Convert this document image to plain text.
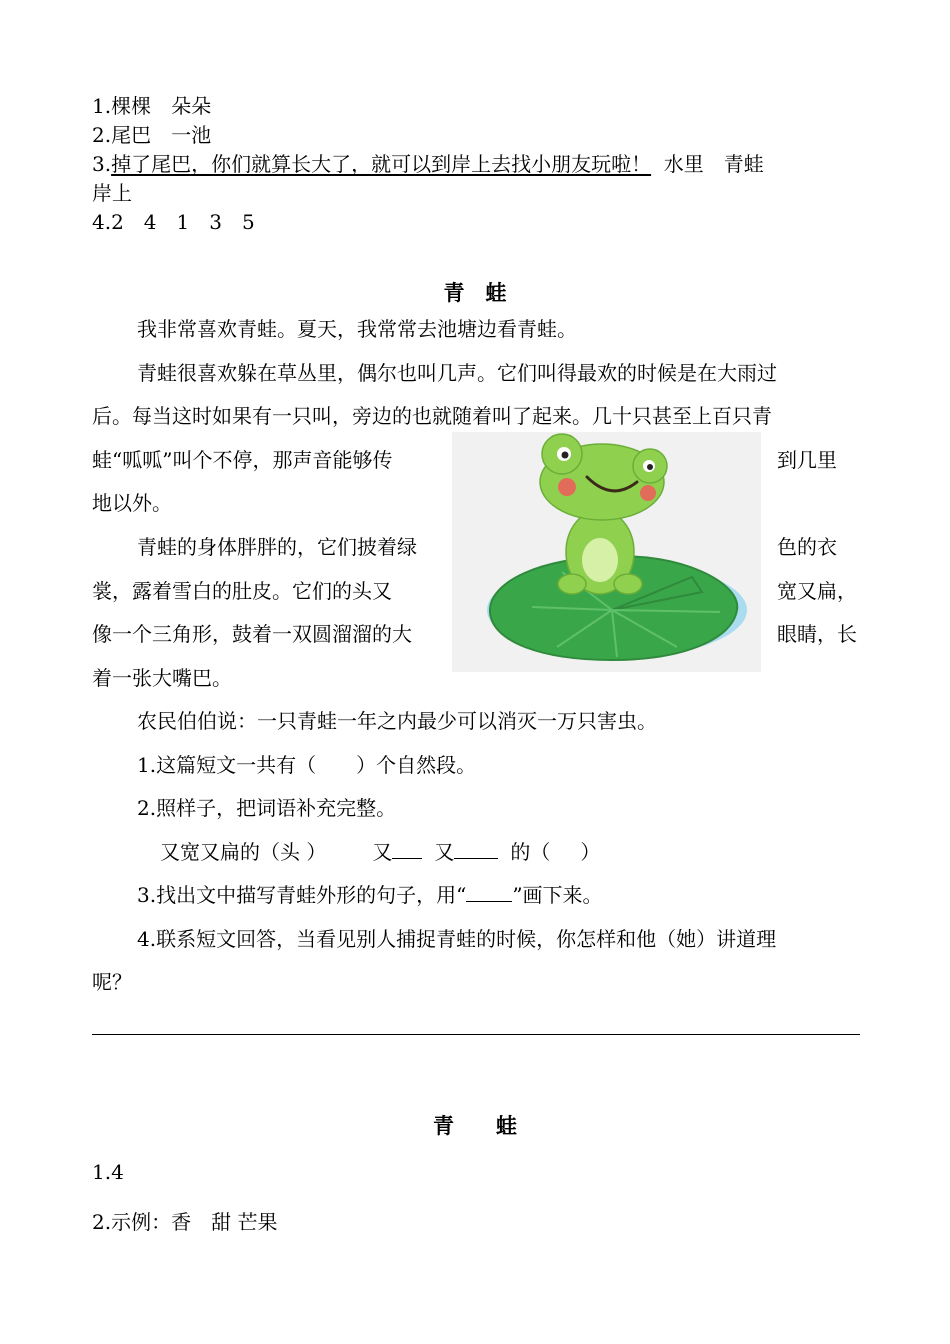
1.棵棵　朵朵
2.尾巴　一池
3.掉了尾巴，你们就算长大了，就可以到岸上去找小朋友玩啦！  水里　青蛙
岸上
4.2　4　1　3　5
青　蛙
我非常喜欢青蛙。夏天，我常常去池塘边看青蛙。
青蛙很喜欢躲在草丛里，偶尔也叫几声。它们叫得最欢的时候是在大雨过
后。每当这时如果有一只叫，旁边的也就随着叫了起来。几十只甚至上百只青
蛙“呱呱”叫个不停，那声音能够传	到几里
地以外。
青蛙的身体胖胖的，它们披着绿	色的衣
裳，露着雪白的肚皮。它们的头又	宽又扁，
像一个三角形，鼓着一双圆溜溜的大	眼睛，长
着一张大嘴巴。
农民伯伯说：一只青蛙一年之内最少可以消灭一万只害虫。
1.这篇短文一共有（ ）个自然段。
2.照样子，把词语补充完整。
又宽又扁的（头 ） 又 又	的（ ）
3.找出文中描写青蛙外形的句子，用“ ”画下来。
4.联系短文回答，当看见别人捕捉青蛙的时候，你怎样和他（她）讲道理
呢？
青　　蛙
1.4
2.示例：香　甜 芒果
